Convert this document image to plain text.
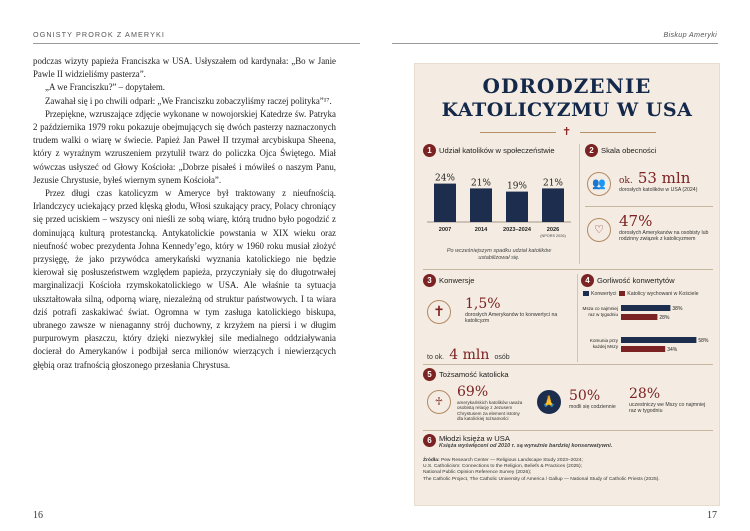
OGNISTY PROROK Z AMERYKI	Biskup Ameryki

podczas wizyty papieża Franciszka w USA. Usłyszałem od kardynała: „Bo w Janie Pawle II widzieliśmy pasterza”.

„A we Franciszku?” – dopytałem.

Zawahał się i po chwili odparł: „We Franciszku zobaczyliśmy raczej polityka”¹⁷.

Przepiękne, wzruszające zdjęcie wykonane w nowojorskiej Katedrze św. Patryka 2 października 1979 roku pokazuje obejmujących się dwóch pasterzy naznaczonych trudem walki o wiarę w świecie. Papież Jan Paweł II trzymał arcybiskupa Sheena, który z wyraźnym wzruszeniem przytulił twarz do policzka Ojca Świętego. Miał wówczas usłyszeć od Głowy Kościoła: „Dobrze pisałeś i mówiłeś o naszym Panu, Jezusie Chrystusie, byłeś wiernym synem Kościoła”.

Przez długi czas katolicyzm w Ameryce był traktowany z nieufnością. Irlandczycy uciekający przed klęską głodu, Włosi szukający pracy, Polacy chroniący się przed uciskiem – wszyscy oni nieśli ze sobą wiarę, którą trudno było pogodzić z dominującą kulturą protestancką. Antykatolickie powstania w XIX wieku oraz nieufność wobec prezydenta Johna Kennedy’ego, który w 1960 roku musiał złożyć przysięgę, że jako przywódca amerykański wyznania katolickiego nie będzie kierował się posłuszeństwem względem papieża, przyczyniały się do długotrwałej marginalizacji Kościoła rzymskokatolickiego w USA. Ale właśnie ta sytuacja ukształtowała silną, odporną wiarę, niezależną od struktur państwowych. I ta wiara dziś potrafi zaskakiwać świat. Ogromna w tym zasługa katolickiego biskupa, ubranego zawsze w nienaganny strój duchowny, z krzyżem na piersi i w długim purpurowym płaszczu, który dzięki niezwykłej sile medialnego oddziaływania docierał do Amerykanów i podbijał serca milionów wierzących i niewierzących głębią oraz trafnością głoszonego przesłania Chrystusa.

16	17
ODRODZENIE
KATOLICYZMU W USA
✝
1 Udział katolików w społeczeństwie
24%
2007
21%
2014
19%
2023–2024
21%
2026
(NPORS 2026)
Po wcześniejszym spadku udział katolików ustabilizował się.
2 Skala obecności
👥	ok. 53 mln
dorosłych katolików w USA (2024)
♡	47%
dorosłych Amerykanów na osobisty lub rodzinny związek z katolicyzmem
3 Konwersje
✝	1,5%
dorosłych Amerykanów to konwertyci na katolicyzm
to ok. 4 mln osób
4 Gorliwość konwertytów
Konwertyci Katolicy wychowani w Kościele
Msza co najmniej
raz w tygodniu
38%
28%
Komunia przy
każdej Mszy
58%
34%
5 Tożsamość katolicka
♱
69%
amerykańskich katolików uważa osobistą relację z Jezusem Chrystusem za element istotny dla katolickiej tożsamości
🙏 50%
modli się codziennie
28%
uczestniczy we Mszy co najmniej raz w tygodniu
6 Młodzi księża w USA
Księża wyświęceni od 2010 r. są wyraźnie bardziej konserwatywni.
Źródła: Pew Research Center — Religious Landscape Study 2023–2024;
U.S. Catholicism: Connections to the Religion, Beliefs & Practices (2025);
National Public Opinion Reference Survey (2026);
The Catholic Project, The Catholic University of America / Gallup — National Study of Catholic Priests (2025).
